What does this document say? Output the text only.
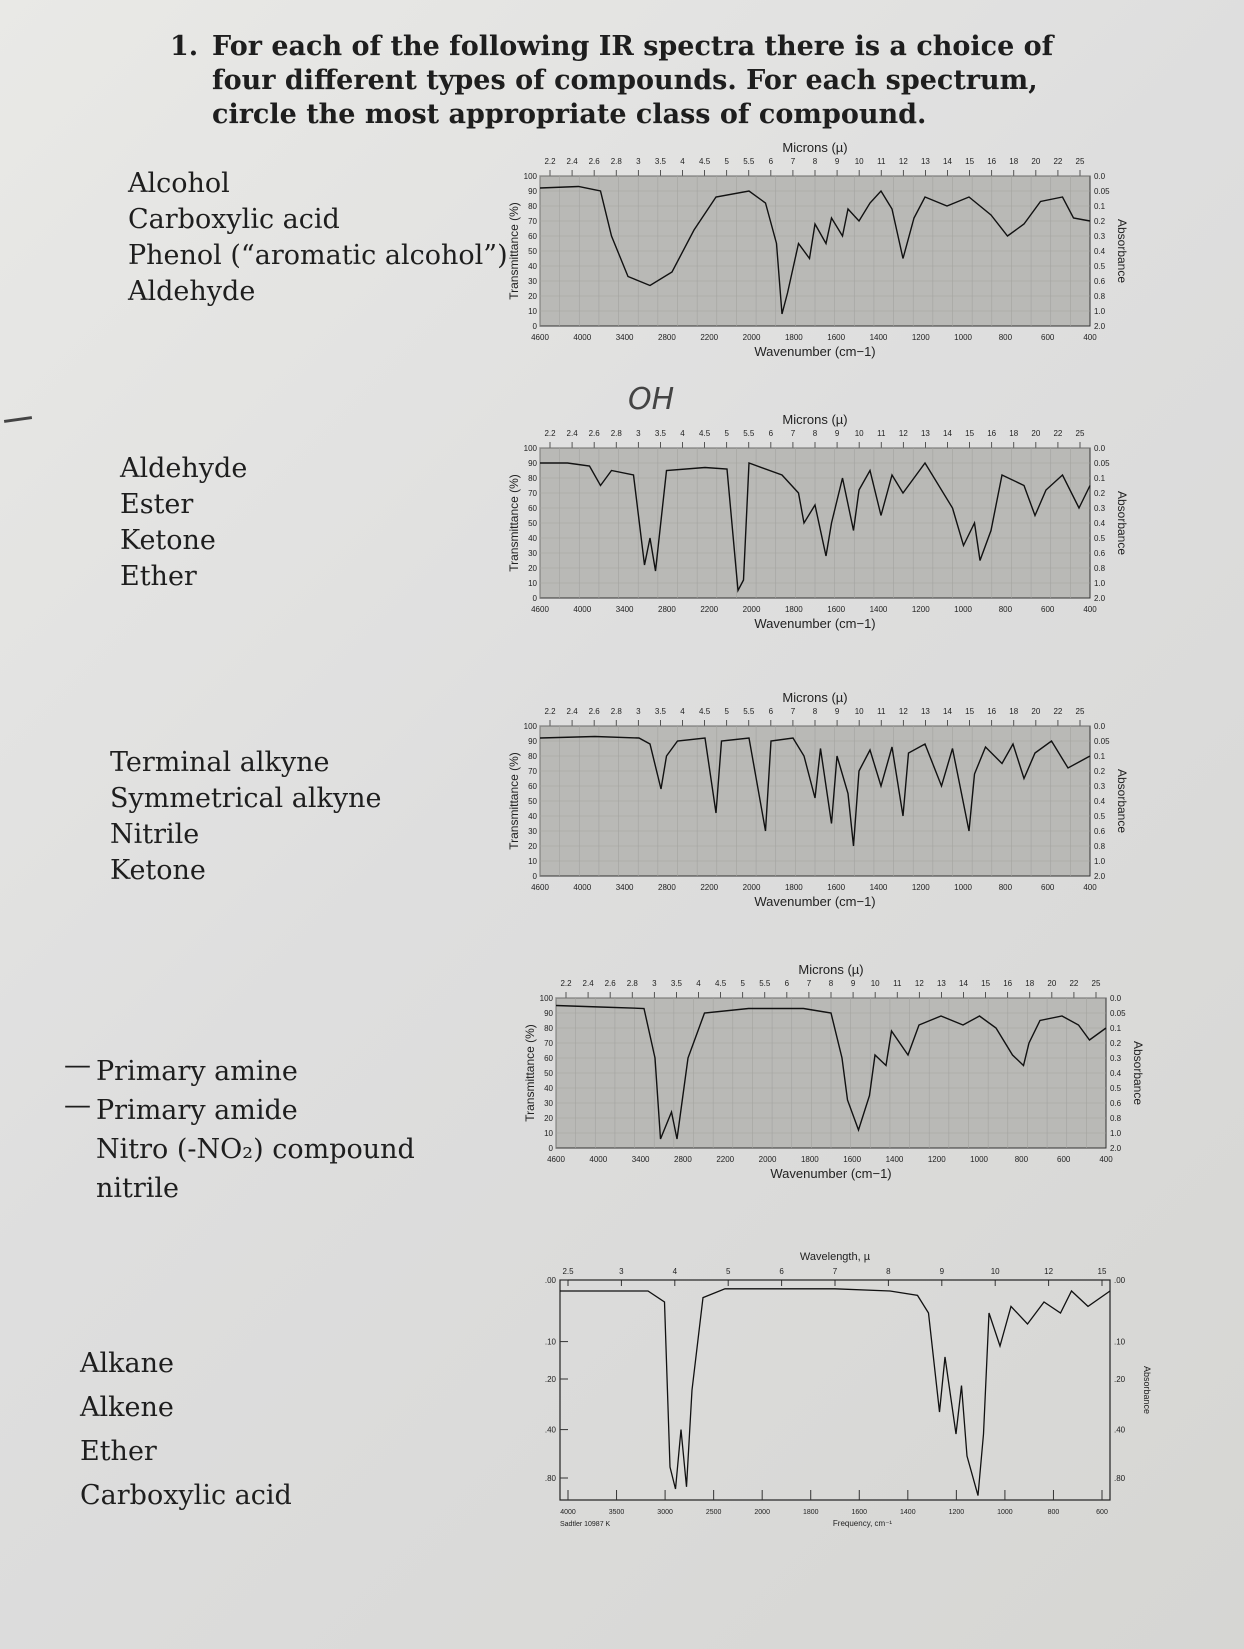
1. For each of the following IR spectra there is a choice of four different types of compounds. For each spectrum, circle the most appropriate class of compound.
Alcohol
Carboxylic acid
Phenol (“aromatic alcohol”)
Aldehyde
Aldehyde
Ester
Ketone
Ether
Terminal alkyne
Symmetrical alkyne
Nitrile
Ketone
—
—
Primary amine
Primary amide
Nitro (-NO₂) compound
nitrile
Alkane
Alkene
Ether
Carboxylic acid
OH
Microns (µ)
2.2 2.4 2.6 2.8 3 3.5 4 4.5 5 5.5 6 7 8 9 10 11 12 13 14 15 16 18 20 22 25
100
90
80
70
60
50
40
30
20
10
0
Transmittance (%)
0.0
0.05
0.1
0.2
0.3
0.4
0.5
0.6
0.8
1.0
2.0
Absorbance
4600	4000	3400	2800	2200	2000	1800	1600	1400	1200	1000	800	600	400
Wavenumber (cm−1)
Microns (µ)
2.2 2.4 2.6 2.8 3 3.5 4 4.5 5 5.5 6 7 8 9 10 11 12 13 14 15 16 18 20 22 25
100
90
80
70
60
50
40
30
20
10
0
Transmittance (%)
0.0
0.05
0.1
0.2
0.3
0.4
0.5
0.6
0.8
1.0
2.0
Absorbance
4600	4000	3400	2800	2200	2000	1800	1600	1400	1200	1000	800	600	400
Wavenumber (cm−1)
Microns (µ)
2.2 2.4 2.6 2.8 3 3.5 4 4.5 5 5.5 6 7 8 9 10 11 12 13 14 15 16 18 20 22 25
100
90
80
70
60
50
40
30
20
10
0
Transmittance (%)
0.0
0.05
0.1
0.2
0.3
0.4
0.5
0.6
0.8
1.0
2.0
Absorbance
4600	4000	3400	2800	2200	2000	1800	1600	1400	1200	1000	800	600	400
Wavenumber (cm−1)
Microns (µ)
2.2 2.4 2.6 2.8 3 3.5 4 4.5 5 5.5 6 7 8 9 10 11 12 13 14 15 16 18 20 22 25
100
90
80
70
60
50
40
30
20
10
0
Transmittance (%)
0.0
0.05
0.1
0.2
0.3
0.4
0.5
0.6
0.8
1.0
2.0
Absorbance
4600	4000	3400	2800	2200	2000	1800	1600	1400	1200	1000	800	600	400
Wavenumber (cm−1)
Wavelength, µ
2.5	3	4	5	6	7	8	9	10	12	15
.00
.10
.20
.40
.80
.00
.10
.20
.40
.80
Absorbance
4000	3500	3000	2500	2000	1800	1600	1400	1200	1000	800	600
Frequency, cm⁻¹
Sadtler 10987 K
